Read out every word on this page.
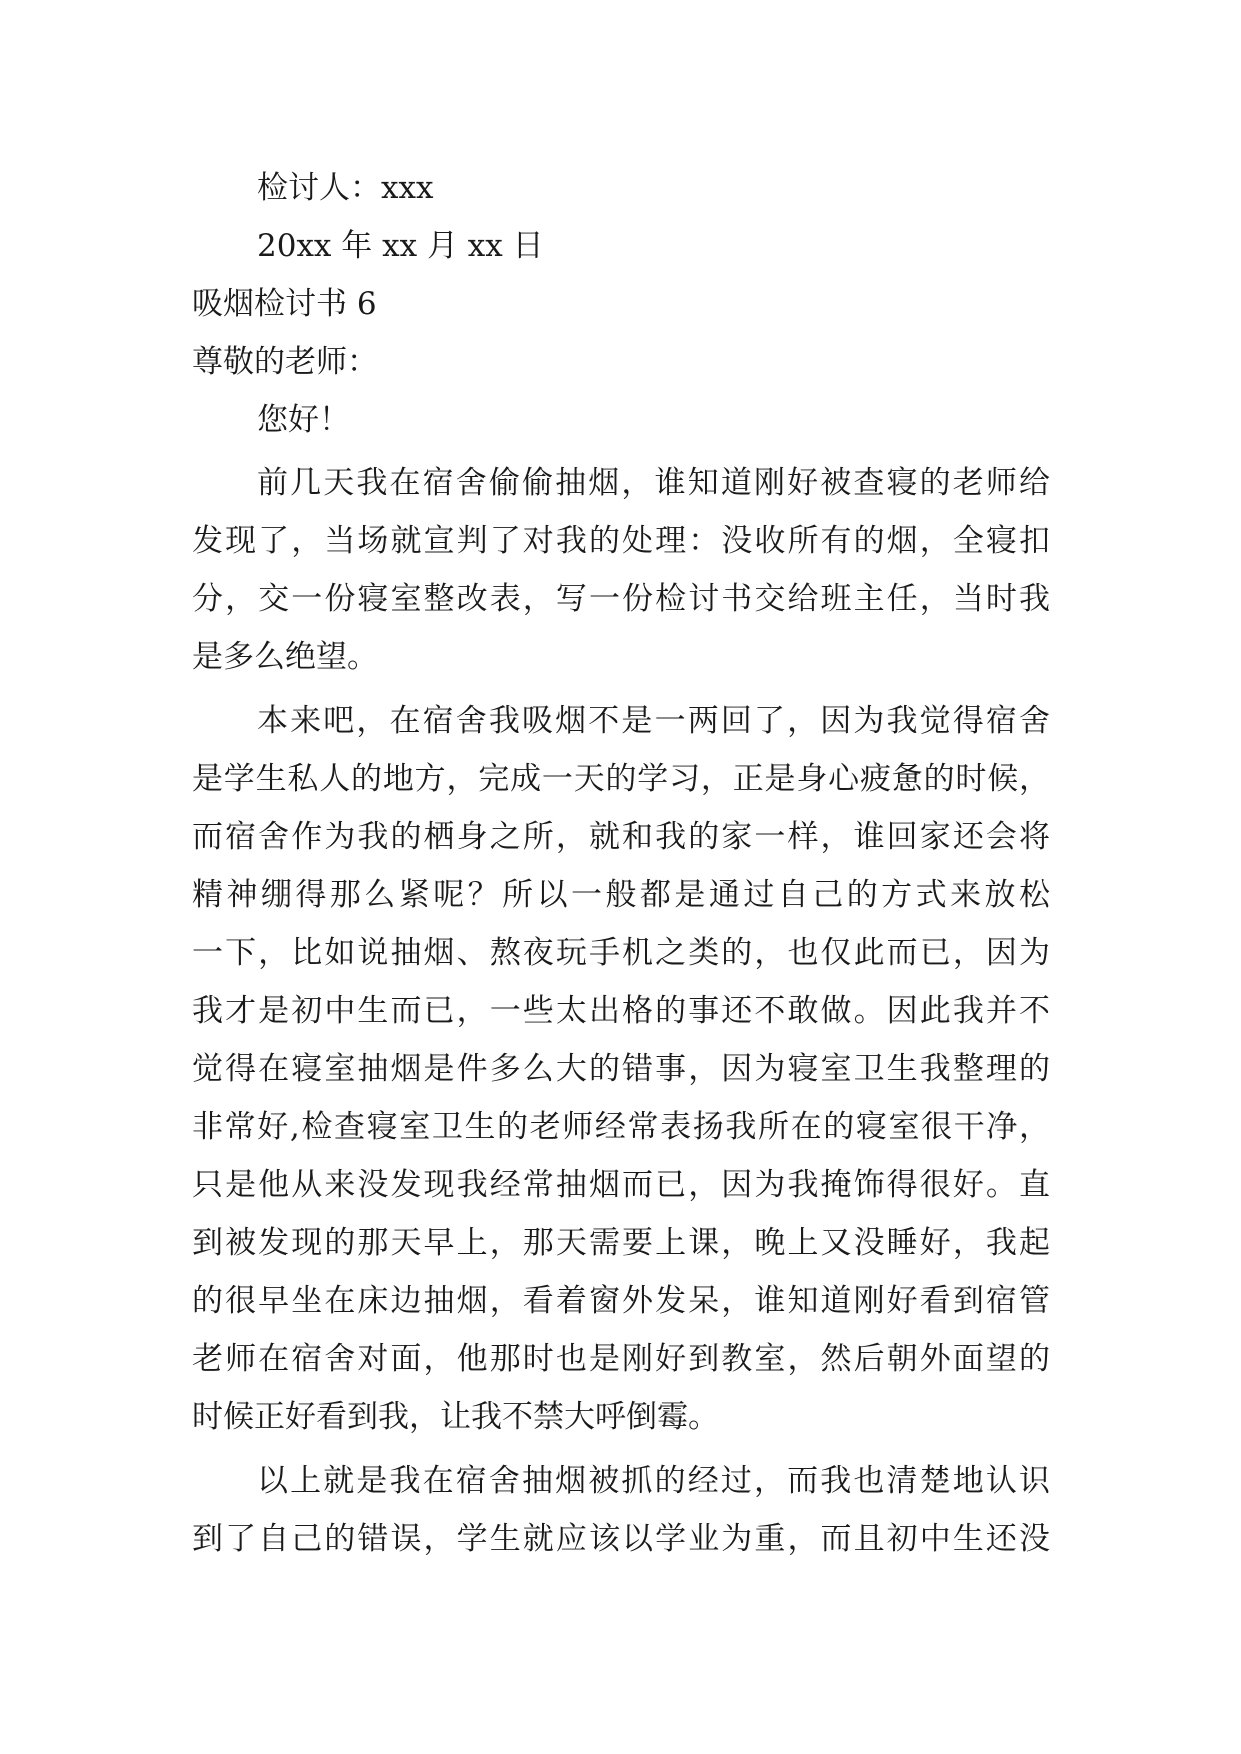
检讨人：xxx
20xx 年 xx 月 xx 日
吸烟检讨书 6
尊敬的老师：
您好！
前几天我在宿舍偷偷抽烟，谁知道刚好被查寝的老师给
发现了，当场就宣判了对我的处理：没收所有的烟，全寝扣
分，交一份寝室整改表，写一份检讨书交给班主任，当时我
是多么绝望。
本来吧，在宿舍我吸烟不是一两回了，因为我觉得宿舍
是学生私人的地方，完成一天的学习，正是身心疲惫的时候，
而宿舍作为我的栖身之所，就和我的家一样，谁回家还会将
精神绷得那么紧呢？所以一般都是通过自己的方式来放松
一下，比如说抽烟、熬夜玩手机之类的，也仅此而已，因为
我才是初中生而已，一些太出格的事还不敢做。因此我并不
觉得在寝室抽烟是件多么大的错事，因为寝室卫生我整理的
非常好,检查寝室卫生的老师经常表扬我所在的寝室很干净，
只是他从来没发现我经常抽烟而已，因为我掩饰得很好。直
到被发现的那天早上，那天需要上课，晚上又没睡好，我起
的很早坐在床边抽烟，看着窗外发呆，谁知道刚好看到宿管
老师在宿舍对面，他那时也是刚好到教室，然后朝外面望的
时候正好看到我，让我不禁大呼倒霉。
以上就是我在宿舍抽烟被抓的经过，而我也清楚地认识
到了自己的错误，学生就应该以学业为重，而且初中生还没
